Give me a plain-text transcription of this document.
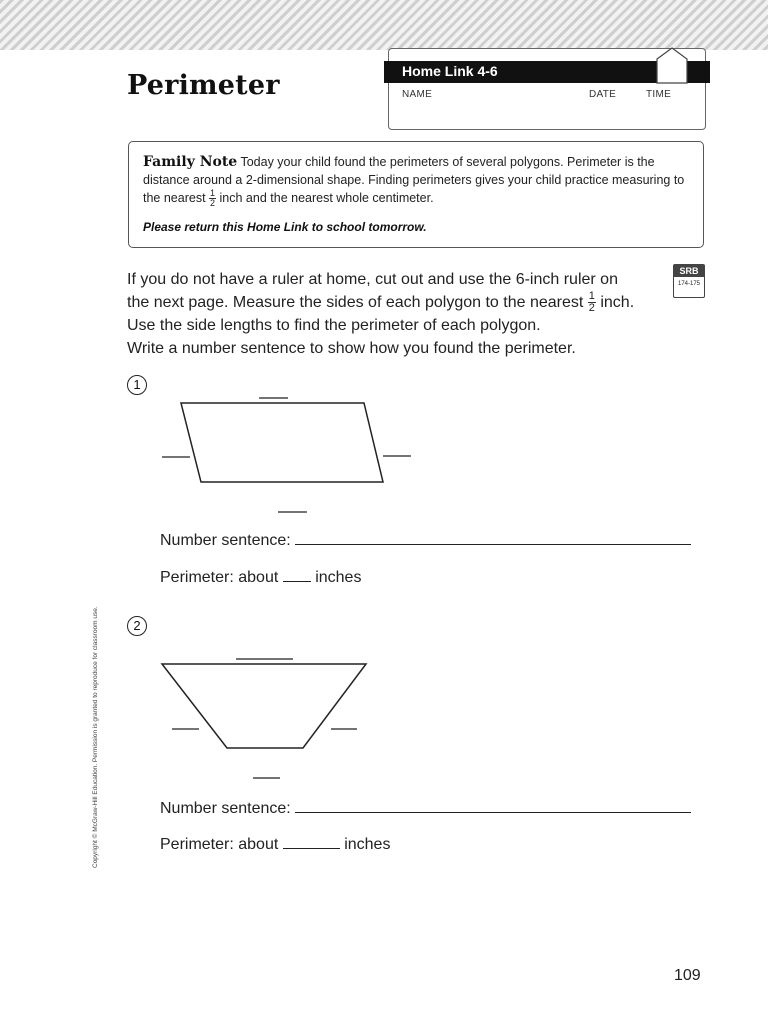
Perimeter	Home Link 4-6
NAME	DATE	TIME
Family Note Today your child found the perimeters of several polygons. Perimeter is the distance around a 2-dimensional shape. Finding perimeters gives your child practice measuring to the nearest $\frac{1}{2}$ inch and the nearest whole centimeter.
Please return this Home Link to school tomorrow.
If you do not have a ruler at home, cut out and use the 6-inch ruler on
the next page. Measure the sides of each polygon to the nearest $\frac{1}{2}$ inch.
Use the side lengths to find the perimeter of each polygon.
Write a number sentence to show how you found the perimeter.
SRB
174-175
1
Number sentence:
Perimeter: about inches
2
Number sentence:
Perimeter: about	inches
Copyright © McGraw-Hill Education. Permission is granted to reproduce for classroom use.
109
